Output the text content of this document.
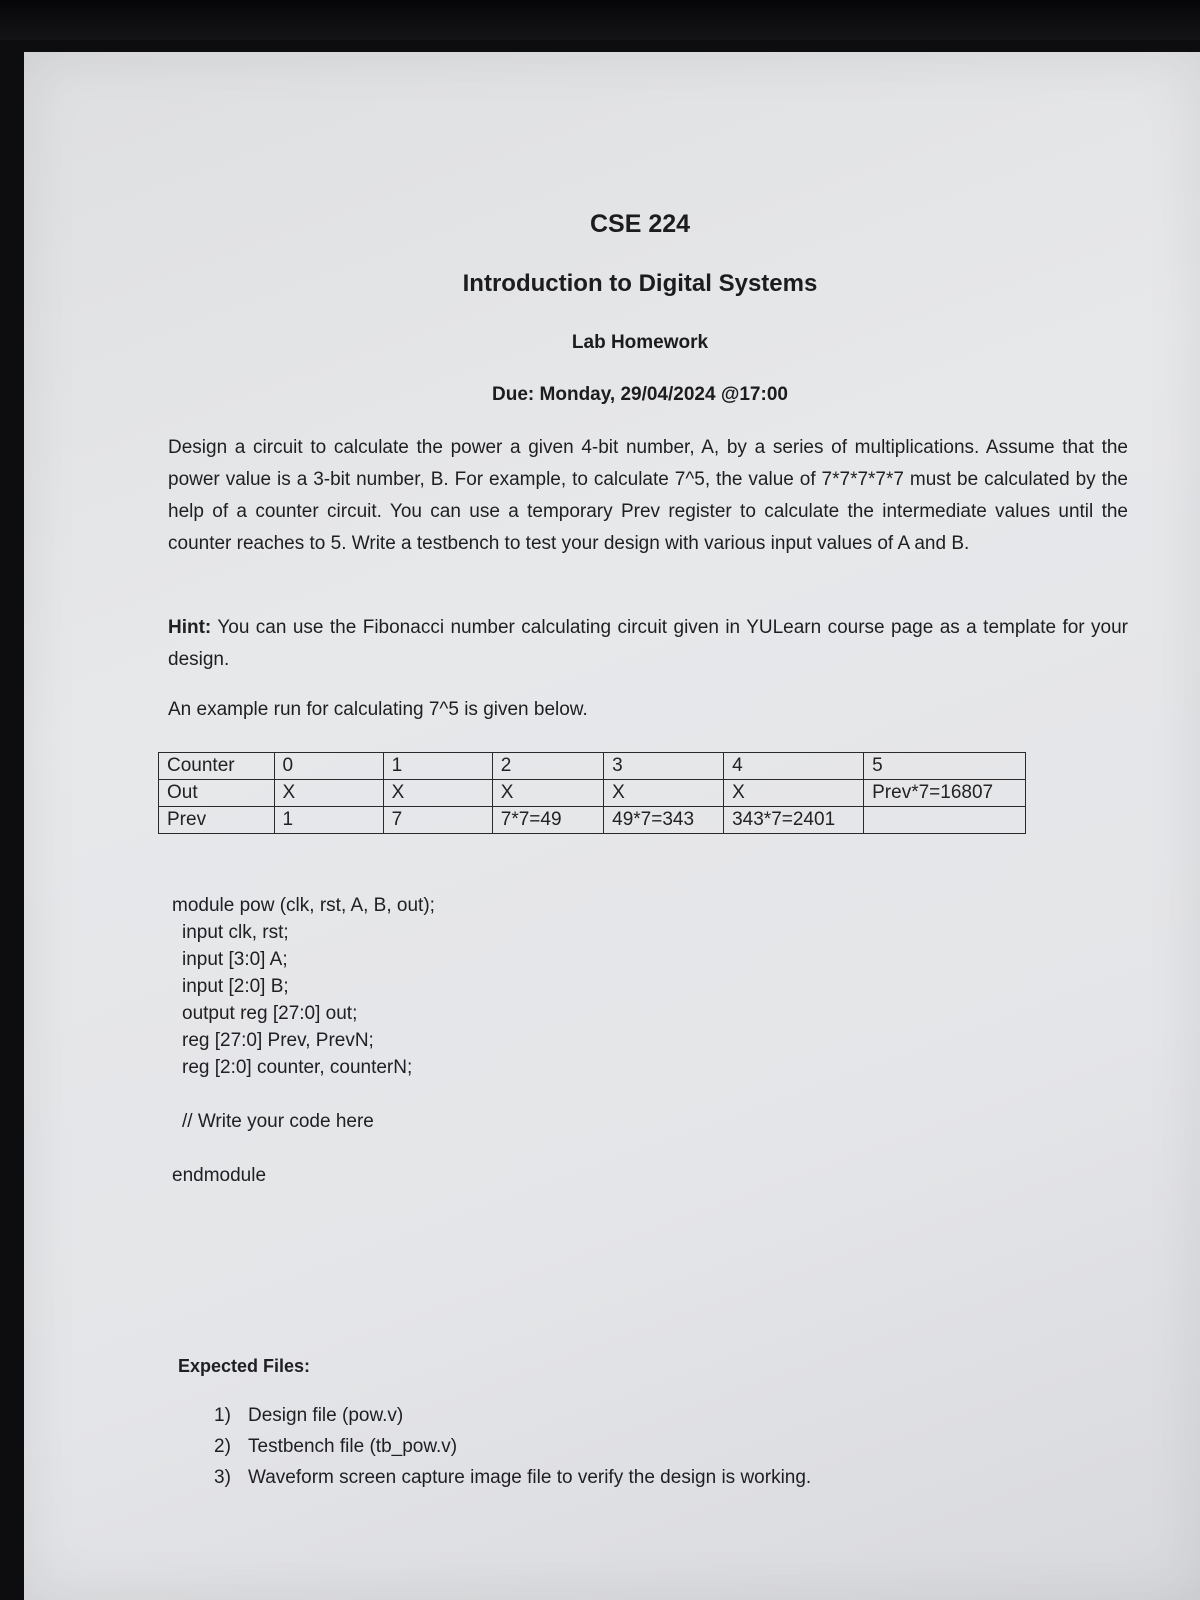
CSE 224
Introduction to Digital Systems
Lab Homework
Due: Monday, 29/04/2024 @17:00

Design a circuit to calculate the power a given 4-bit number, A, by a series of multiplications. Assume that the power value is a 3-bit number, B. For example, to calculate 7^5, the value of 7*7*7*7*7 must be calculated by the help of a counter circuit. You can use a temporary Prev register to calculate the intermediate values until the counter reaches to 5. Write a testbench to test your design with various input values of A and B.

Hint: You can use the Fibonacci number calculating circuit given in YULearn course page as a template for your design.

An example run for calculating 7^5 is given below.

Counter	0	1	2	3	4	5
Out	X	X	X	X	X	Prev*7=16807
Prev	1	7	7*7=49	49*7=343	343*7=2401	
module pow (clk, rst, A, B, out);
input clk, rst;
input [3:0] A;
input [2:0] B;
output reg [27:0] out;
reg [27:0] Prev, PrevN;
reg [2:0] counter, counterN;
// Write your code here
endmodule
Expected Files:
1) Design file (pow.v)
2) Testbench file (tb_pow.v)
3) Waveform screen capture image file to verify the design is working.
